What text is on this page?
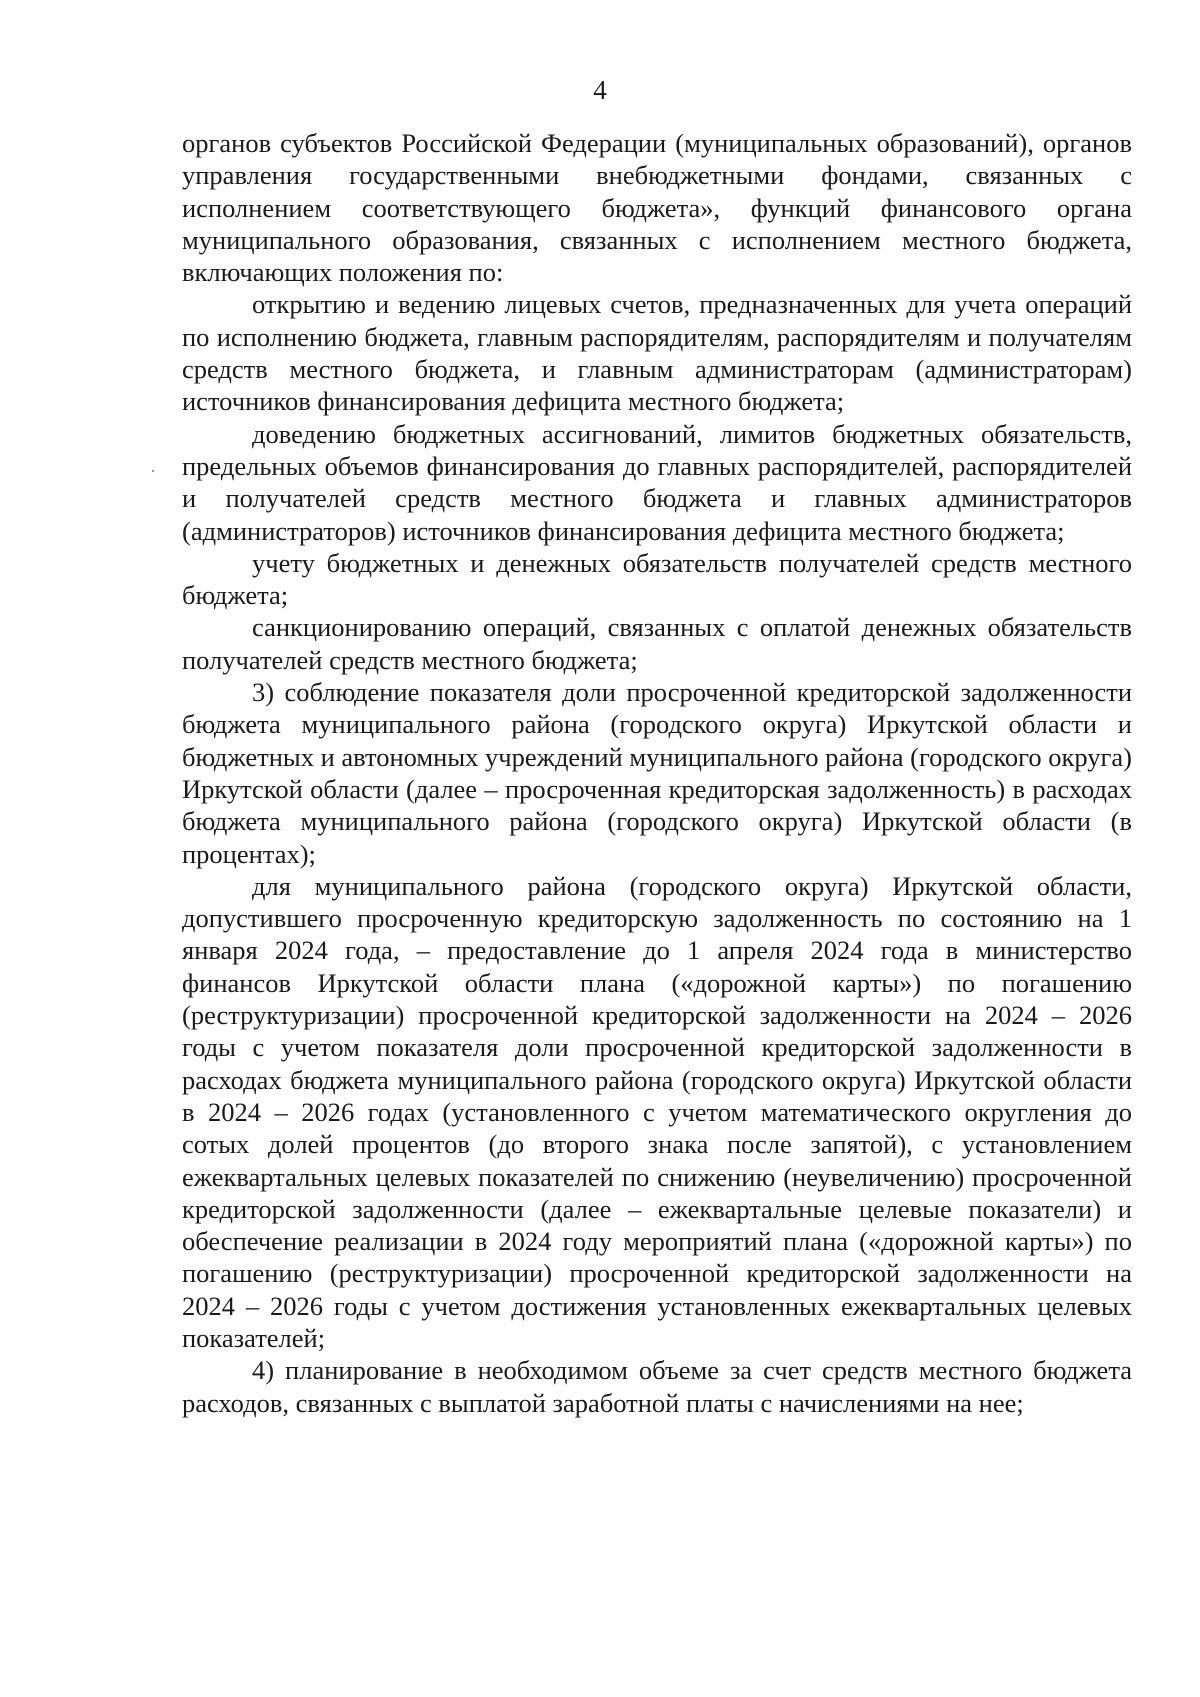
4

органов субъектов Российской Федерации (муниципальных образований), органов управления государственными внебюджетными фондами, связанных с исполнением соответствующего бюджета», функций финансового органа муниципального образования, связанных с исполнением местного бюджета, включающих положения по:

открытию и ведению лицевых счетов, предназначенных для учета операций по исполнению бюджета, главным распорядителям, распорядителям и получателям средств местного бюджета, и главным администраторам (администраторам) источников финансирования дефицита местного бюджета;

доведению бюджетных ассигнований, лимитов бюджетных обязательств, предельных объемов финансирования до главных распорядителей, распорядителей и получателей средств местного бюджета и главных администраторов (администраторов) источников финансирования дефицита местного бюджета;

учету бюджетных и денежных обязательств получателей средств местного бюджета;

санкционированию операций, связанных с оплатой денежных обязательств получателей средств местного бюджета;

3) соблюдение показателя доли просроченной кредиторской задолженности бюджета муниципального района (городского округа) Иркутской области и бюджетных и автономных учреждений муниципального района (городского округа) Иркутской области (далее – просроченная кредиторская задолженность) в расходах бюджета муниципального района (городского округа) Иркутской области (в процентах);

для муниципального района (городского округа) Иркутской области, допустившего просроченную кредиторскую задолженность по состоянию на 1 января 2024 года, – предоставление до 1 апреля 2024 года в министерство финансов Иркутской области плана («дорожной карты») по погашению (реструктуризации) просроченной кредиторской задолженности на 2024 – 2026 годы с учетом показателя доли просроченной кредиторской задолженности в расходах бюджета муниципального района (городского округа) Иркутской области в 2024 – 2026 годах (установленного с учетом математического округления до сотых долей процентов (до второго знака после запятой), с установлением ежеквартальных целевых показателей по снижению (неувеличению) просроченной кредиторской задолженности (далее – ежеквартальные целевые показатели) и обеспечение реализации в 2024 году мероприятий плана («дорожной карты») по погашению (реструктуризации) просроченной кредиторской задолженности на 2024 – 2026 годы с учетом достижения установленных ежеквартальных целевых показателей;

4) планирование в необходимом объеме за счет средств местного бюджета расходов, связанных с выплатой заработной платы с начислениями на нее;
